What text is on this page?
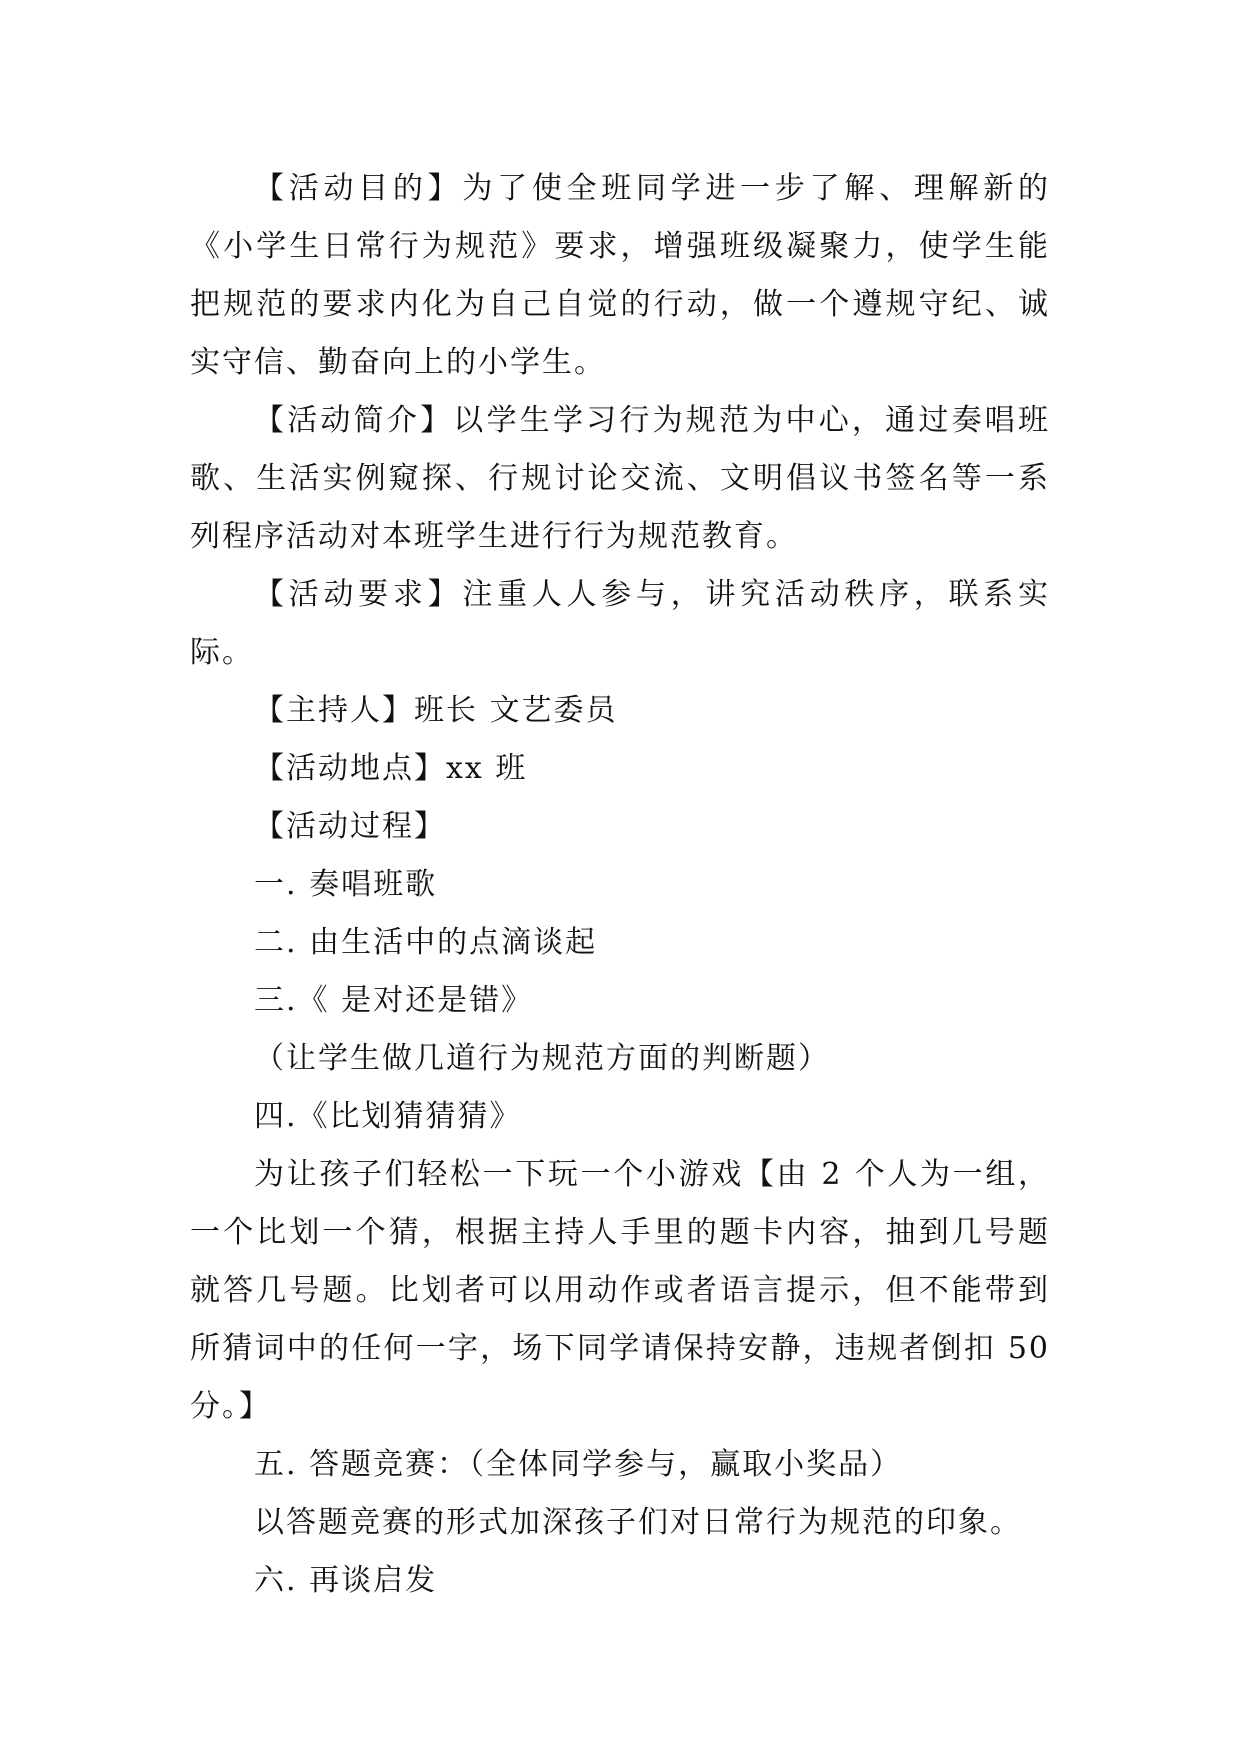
【活动目的】为了使全班同学进一步了解、理解新的《小学生日常行为规范》要求，增强班级凝聚力，使学生能把规范的要求内化为自己自觉的行动，做一个遵规守纪、诚实守信、勤奋向上的小学生。

【活动简介】以学生学习行为规范为中心，通过奏唱班歌、生活实例窥探、行规讨论交流、文明倡议书签名等一系列程序活动对本班学生进行行为规范教育。

【活动要求】注重人人参与，讲究活动秩序，联系实际。

【主持人】班长 文艺委员

【活动地点】xx 班

【活动过程】

一. 奏唱班歌

二. 由生活中的点滴谈起

三.《 是对还是错》

（让学生做几道行为规范方面的判断题）

四.《比划猜猜猜》

为让孩子们轻松一下玩一个小游戏【由 2 个人为一组，一个比划一个猜，根据主持人手里的题卡内容，抽到几号题就答几号题。比划者可以用动作或者语言提示，但不能带到所猜词中的任何一字，场下同学请保持安静，违规者倒扣 50 分。】

五. 答题竞赛：（全体同学参与，赢取小奖品）

以答题竞赛的形式加深孩子们对日常行为规范的印象。

六. 再谈启发
